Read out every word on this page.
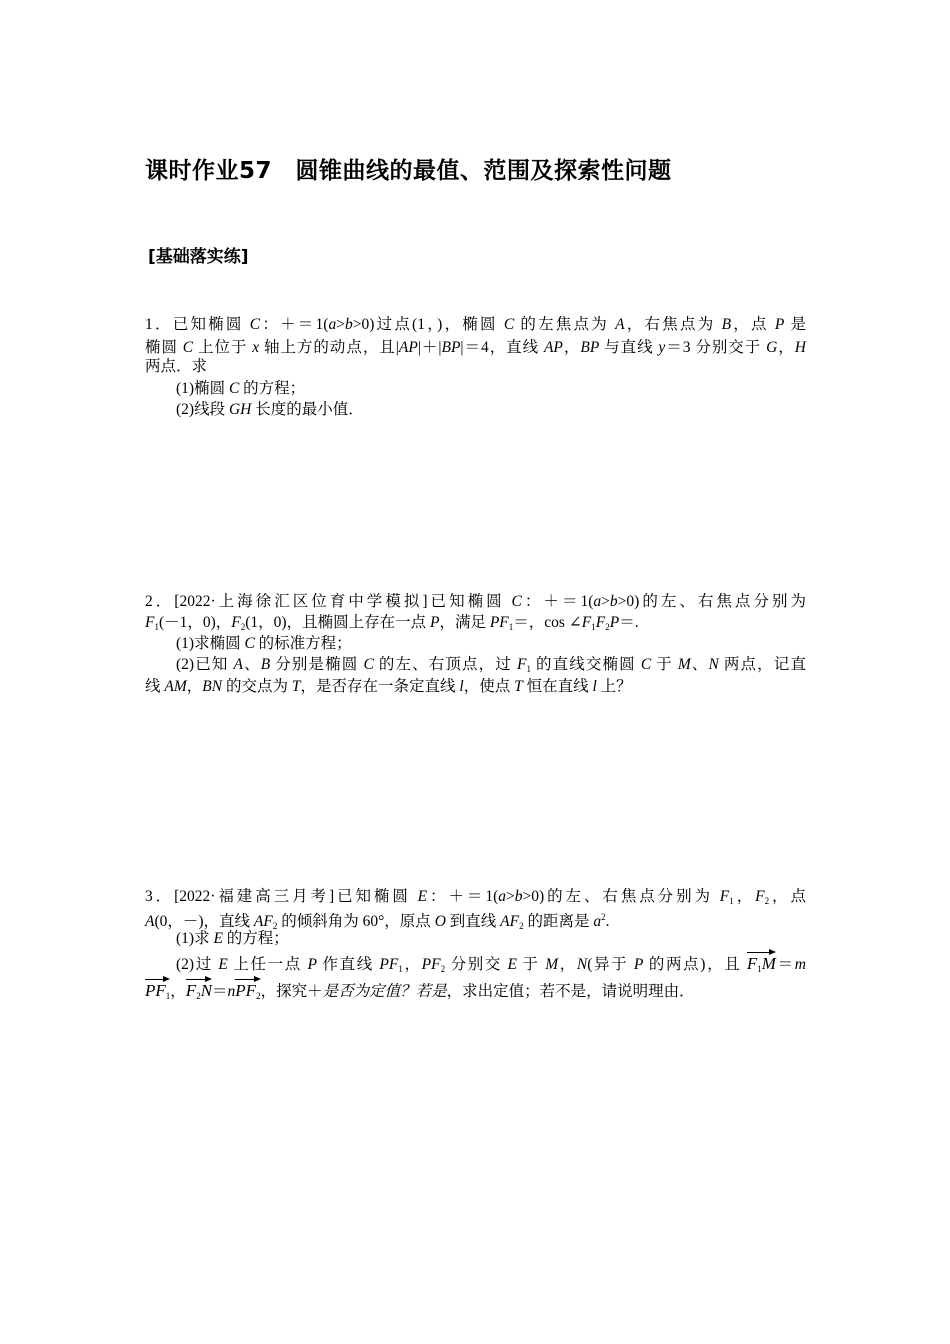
课时作业57　圆锥曲线的最值、范围及探索性问题
[基础落实练]
1．已知椭圆 C：＋＝1(a>b>0)过点(1，)，椭圆 C 的左焦点为 A，右焦点为 B，点 P 是
椭圆 C 上位于 x 轴上方的动点，且|AP|＋|BP|＝4，直线 AP，BP 与直线 y＝3 分别交于 G，H
两点．求
(1)椭圆 C 的方程；
(2)线段 GH 长度的最小值．
2．[2022·上海徐汇区位育中学模拟]已知椭圆 C：＋＝1(a>b>0)的左、右焦点分别为
$F_1(-1$，0)，$F_2(1$，0)，且椭圆上存在一点 P，满足 $PF_1=$，$\cos \angle F_1F_2P=$.
(1)求椭圆 C 的标准方程；
(2)已知 A、B 分别是椭圆 C 的左、右顶点，过 $F_1$ 的直线交椭圆 C 于 M、N 两点，记直
线 AM，BN 的交点为 T，是否存在一条定直线 l，使点 T 恒在直线 l 上？
3．[2022·福建高三月考]已知椭圆 E：＋＝1(a>b>0)的左、右焦点分别为 $F_1$，$F_2$，点
A(0，－)，直线 $AF_2$ 的倾斜角为 60°，原点 O 到直线 $AF_2$ 的距离是 $a^2$.
(1)求 E 的方程；
(2)过 E 上任一点 P 作直线 $PF_1$，$PF_2$ 分别交 E 于 M，N(异于 P 的两点)，且 $F_1M=m$
$PF_1$，$F_2N=nPF_2$，探究＋是否为定值？若是，求出定值；若不是，请说明理由．
